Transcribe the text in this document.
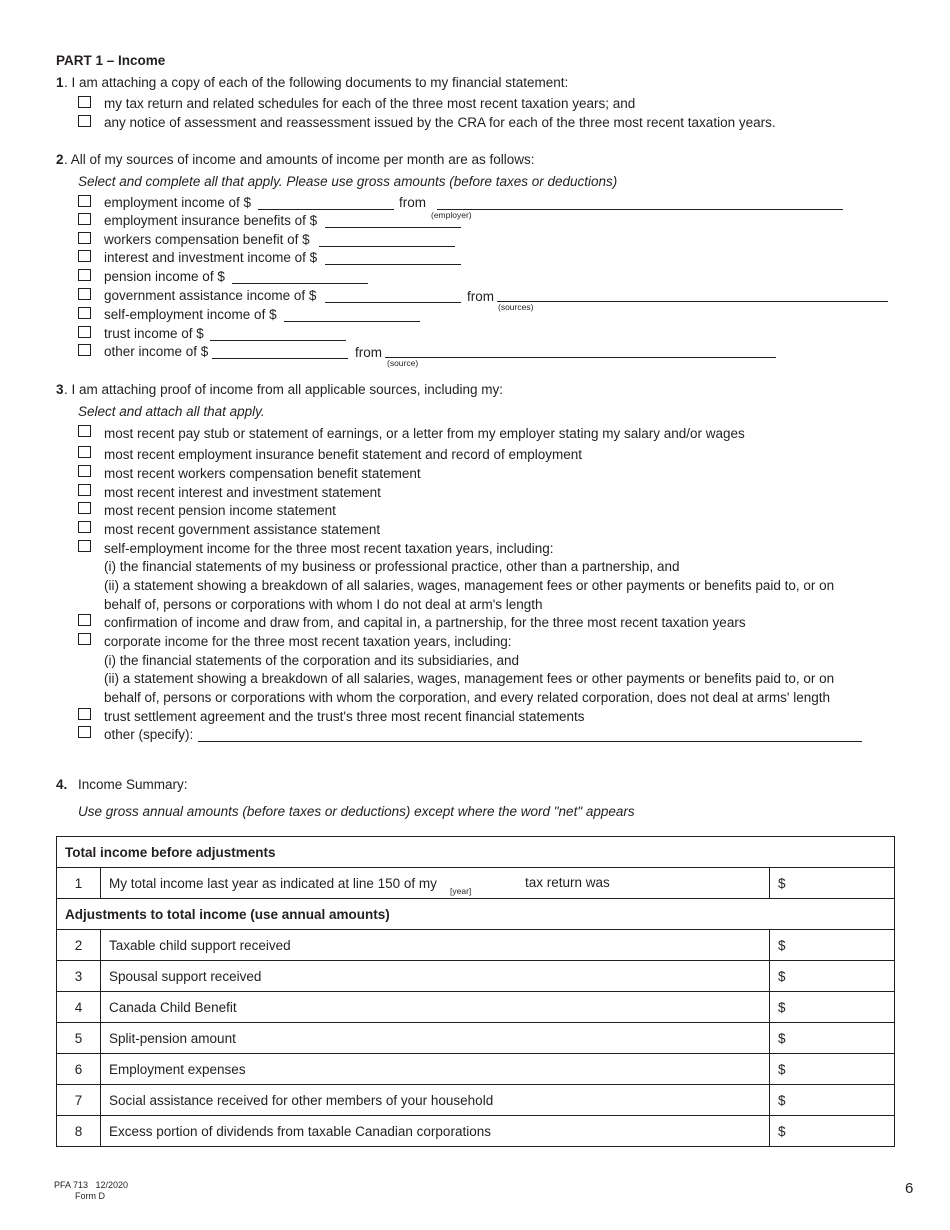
PART 1 – Income
1 . I am attaching a copy of each of the following documents to my financial statement:
my tax return and related schedules for each of the three most recent taxation years; and
any notice of assessment and reassessment issued by the CRA for each of the three most recent taxation years.
2 . All of my sources of income and amounts of income per month are as follows:
Select and complete all that apply. Please use gross amounts (before taxes or deductions)
employment income of $	from
(employer)
employment insurance benefits of $
workers compensation benefit of $
interest and investment income of $
pension income of $
government assistance income of $	from
(sources)
self-employment income of $
trust income of $
other income of $	from
(source)
3 . I am attaching proof of income from all applicable sources, including my:
Select and attach all that apply.
most recent pay stub or statement of earnings, or a letter from my employer stating my salary and/or wages
most recent employment insurance benefit statement and record of employment
most recent workers compensation benefit statement
most recent interest and investment statement
most recent pension income statement
most recent government assistance statement
self-employment income for the three most recent taxation years, including:
(i) the financial statements of my business or professional practice, other than a partnership, and
(ii) a statement showing a breakdown of all salaries, wages, management fees or other payments or benefits paid to, or on
behalf of, persons or corporations with whom I do not deal at arm's length
confirmation of income and draw from, and capital in, a partnership, for the three most recent taxation years
corporate income for the three most recent taxation years, including:
(i) the financial statements of the corporation and its subsidiaries, and
(ii) a statement showing a breakdown of all salaries, wages, management fees or other payments or benefits paid to, or on
behalf of, persons or corporations with whom the corporation, and every related corporation, does not deal at arms' length
trust settlement agreement and the trust's three most recent financial statements
other (specify):
4. Income Summary:
Use gross annual amounts (before taxes or deductions) except where the word "net" appears
Total income before adjustments		
1	My total income last year as indicated at line 150 of my
[year]
tax return was	$
Adjustments to total income (use annual amounts)		
2	Taxable child support received	$
3	Spousal support received	$
4	Canada Child Benefit	$
5	Split-pension amount	$
6	Employment expenses	$
7	Social assistance received for other members of your household	$
8	Excess portion of dividends from taxable Canadian corporations	$
PFA 713   12/2020
Form D	6
